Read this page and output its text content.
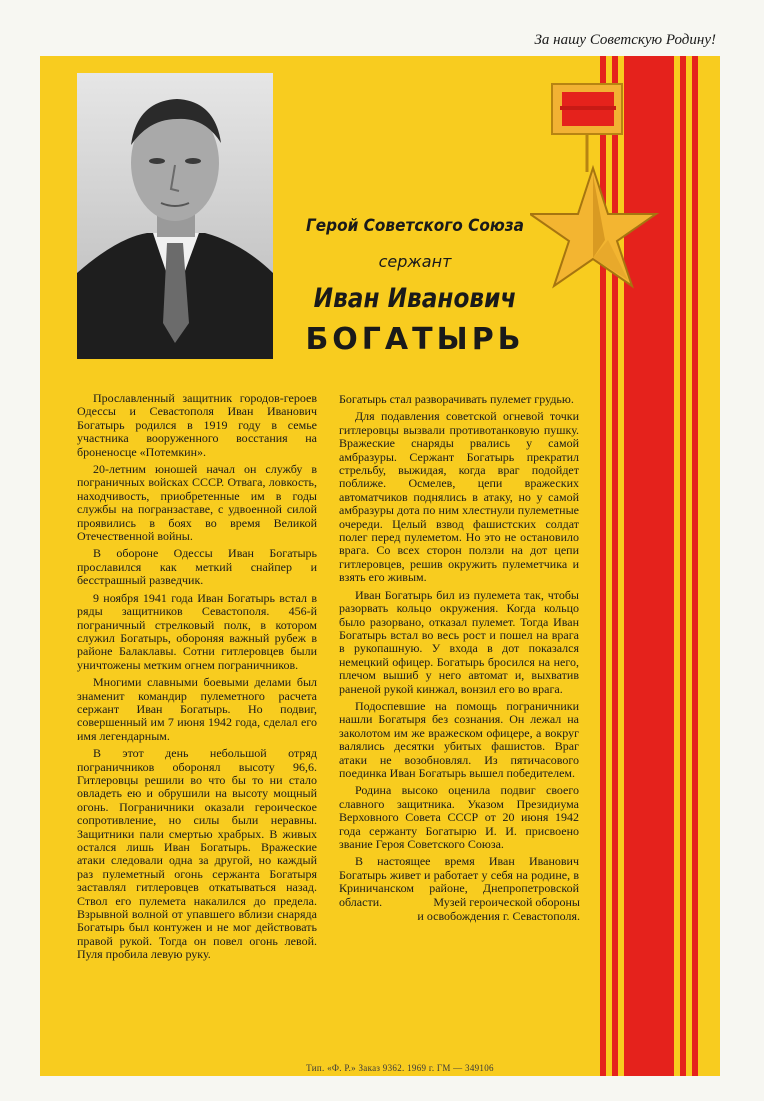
За нашу Советскую Родину!
Герой Советского Союза
сержант
Иван Иванович
БОГАТЫРЬ

Прославленный защитник городов-героев Одессы и Севастополя Иван Иванович Богатырь родился в 1919 году в семье участника вооруженного восстания на броненосце «Потемкин».

20-летним юношей начал он службу в пограничных войсках СССР. Отвага, ловкость, находчивость, приобретенные им в годы службы на погранзаставе, с удвоенной силой проявились в боях во время Великой Отечественной войны.

В обороне Одессы Иван Богатырь прославился как меткий снайпер и бесстрашный разведчик.

9 ноября 1941 года Иван Богатырь встал в ряды защитников Севастополя. 456-й пограничный стрелковый полк, в котором служил Богатырь, обороняя важный рубеж в районе Балаклавы. Сотни гитлеровцев были уничтожены метким огнем пограничников.

Многими славными боевыми делами был знаменит командир пулеметного расчета сержант Иван Богатырь. Но подвиг, совершенный им 7 июня 1942 года, сделал его имя легендарным.

В этот день небольшой отряд пограничников оборонял высоту 96,6. Гитлеровцы решили во что бы то ни стало овладеть ею и обрушили на высоту мощный огонь. Пограничники оказали героическое сопротивление, но силы были неравны. Защитники пали смертью храбрых. В живых остался лишь Иван Богатырь. Вражеские атаки следовали одна за другой, но каждый раз пулеметный огонь сержанта Богатыря заставлял гитлеровцев откатываться назад. Ствол его пулемета накалился до предела. Взрывной волной от упавшего вблизи снаряда Богатырь был контужен и не мог действовать правой рукой. Тогда он повел огонь левой. Пуля пробила левую руку.

Богатырь стал разворачивать пулемет грудью.

Для подавления советской огневой точки гитлеровцы вызвали противотанковую пушку. Вражеские снаряды рвались у самой амбразуры. Сержант Богатырь прекратил стрельбу, выжидая, когда враг подойдет поближе. Осмелев, цепи вражеских автоматчиков поднялись в атаку, но у самой амбразуры дота по ним хлестнули пулеметные очереди. Целый взвод фашистских солдат полег перед пулеметом. Но это не остановило врага. Со всех сторон ползли на дот цепи гитлеровцев, решив окружить пулеметчика и взять его живым.

Иван Богатырь бил из пулемета так, чтобы разорвать кольцо окружения. Когда кольцо было разорвано, отказал пулемет. Тогда Иван Богатырь встал во весь рост и пошел на врага в рукопашную. У входа в дот показался немецкий офицер. Богатырь бросился на него, плечом вышиб у него автомат и, выхватив раненой рукой кинжал, вонзил его во врага.

Подоспевшие на помощь пограничники нашли Богатыря без сознания. Он лежал на заколотом им же вражеском офицере, а вокруг валялись десятки убитых фашистов. Враг атаки не возобновлял. Из пятичасового поединка Иван Богатырь вышел победителем.

Родина высоко оценила подвиг своего славного защитника. Указом Президиума Верховного Совета СССР от 20 июня 1942 года сержанту Богатырю И. И. присвоено звание Героя Советского Союза.

В настоящее время Иван Иванович Богатырь живет и работает у себя на родине, в Криничанском районе, Днепропетровской области.	Музей героической обороны
и освобождения г. Севастополя.
Тип. «Ф. Р.» Заказ 9362. 1969 г. ГМ — 349106
